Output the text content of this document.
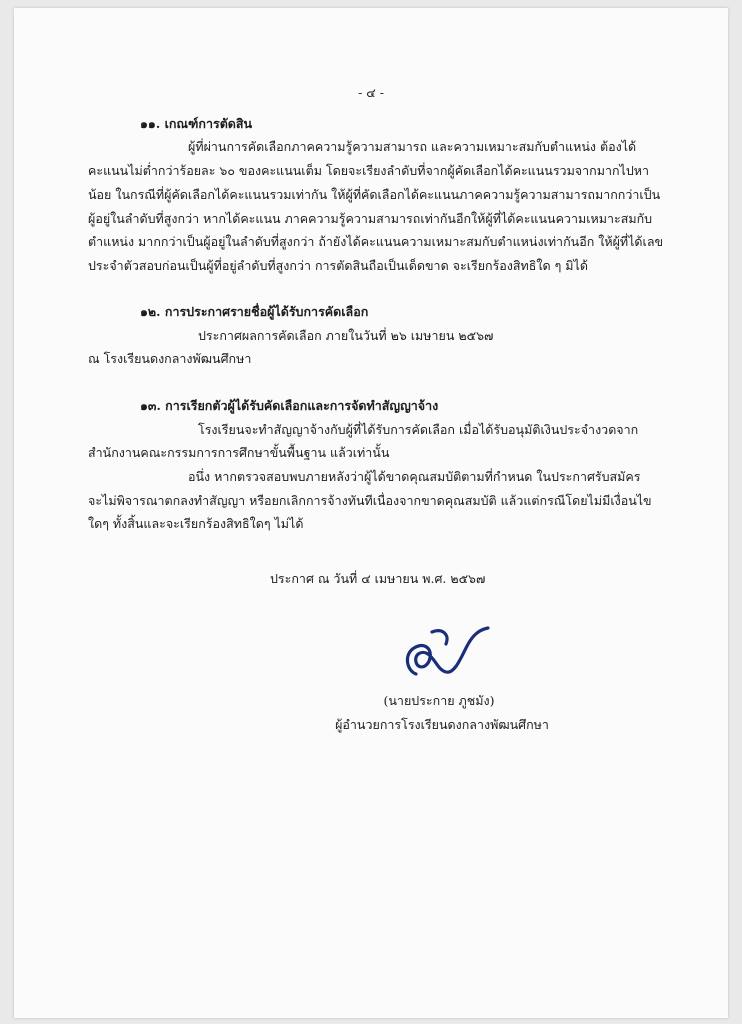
- ๔ -
๑๑. เกณฑ์การตัดสิน
ผู้ที่ผ่านการคัดเลือกภาคความรู้ความสามารถ และความเหมาะสมกับตำแหน่ง ต้องได้
คะแนนไม่ต่ำกว่าร้อยละ ๖๐ ของคะแนนเต็ม โดยจะเรียงลำดับที่จากผู้คัดเลือกได้คะแนนรวมจากมากไปหา
น้อย ในกรณีที่ผู้คัดเลือกได้คะแนนรวมเท่ากัน ให้ผู้ที่คัดเลือกได้คะแนนภาคความรู้ความสามารถมากกว่าเป็น
ผู้อยู่ในลำดับที่สูงกว่า หากได้คะแนน ภาคความรู้ความสามารถเท่ากันอีกให้ผู้ที่ได้คะแนนความเหมาะสมกับ
ตำแหน่ง มากกว่าเป็นผู้อยู่ในลำดับที่สูงกว่า ถ้ายังได้คะแนนความเหมาะสมกับตำแหน่งเท่ากันอีก ให้ผู้ที่ได้เลข
ประจำตัวสอบก่อนเป็นผู้ที่อยู่ลำดับที่สูงกว่า การตัดสินถือเป็นเด็ดขาด จะเรียกร้องสิทธิใด ๆ มิได้
๑๒. การประกาศรายชื่อผู้ได้รับการคัดเลือก
ประกาศผลการคัดเลือก ภายในวันที่ ๒๖ เมษายน ๒๕๖๗
ณ โรงเรียนดงกลางพัฒนศึกษา
๑๓. การเรียกตัวผู้ได้รับคัดเลือกและการจัดทำสัญญาจ้าง
โรงเรียนจะทำสัญญาจ้างกับผู้ที่ได้รับการคัดเลือก เมื่อได้รับอนุมัติเงินประจำงวดจาก
สำนักงานคณะกรรมการการศึกษาขั้นพื้นฐาน แล้วเท่านั้น
อนึ่ง หากตรวจสอบพบภายหลังว่าผู้ได้ขาดคุณสมบัติตามที่กำหนด ในประกาศรับสมัคร
จะไม่พิจารณาตกลงทำสัญญา หรือยกเลิกการจ้างทันทีเนื่องจากขาดคุณสมบัติ แล้วแต่กรณีโดยไม่มีเงื่อนไข
ใดๆ ทั้งสิ้นและจะเรียกร้องสิทธิใดๆ ไม่ได้
ประกาศ ณ วันที่ ๔ เมษายน พ.ศ. ๒๕๖๗
(นายประกาย ภูชมัง)
ผู้อำนวยการโรงเรียนดงกลางพัฒนศึกษา
